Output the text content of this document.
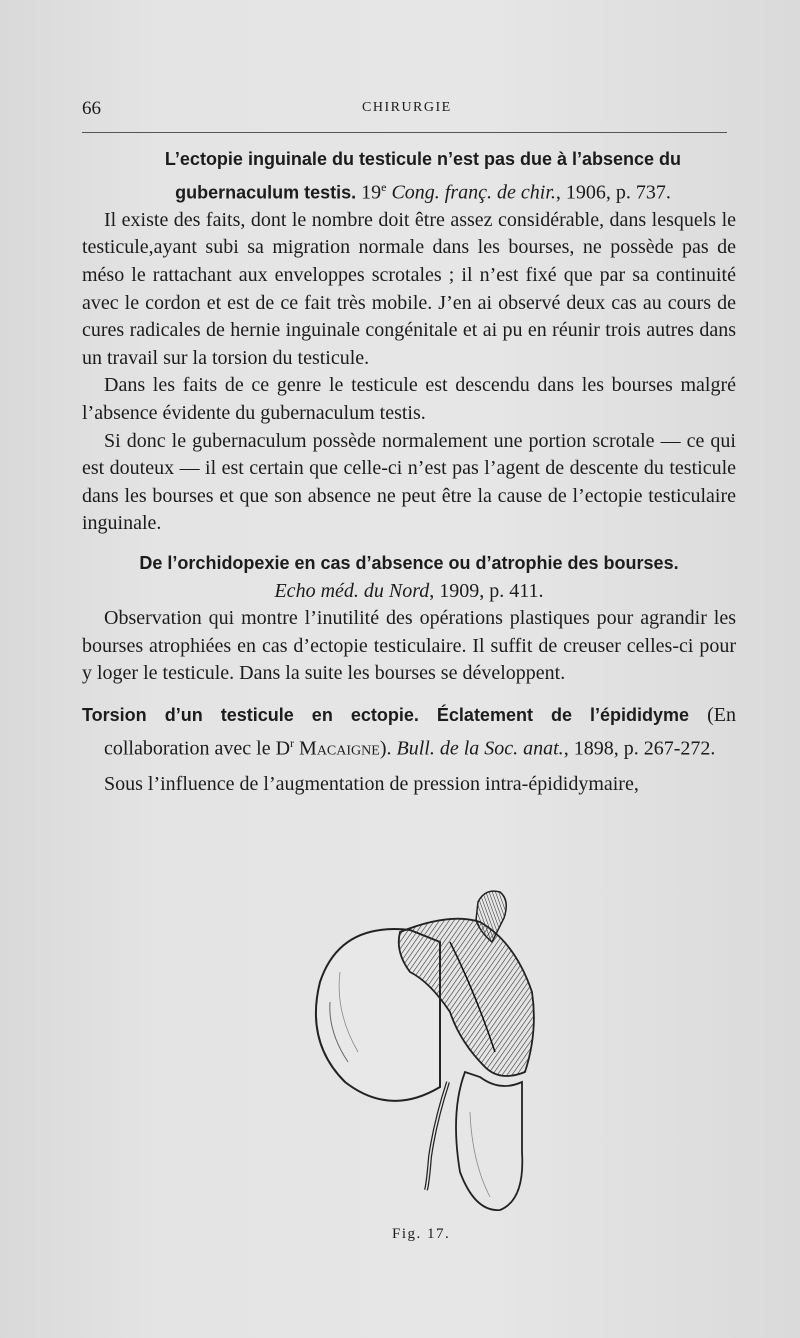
66	CHIRURGIE
L’ectopie inguinale du testicule n’est pas due à l’absence du gubernaculum testis. 19e Cong. franç. de chir., 1906, p. 737.

Il existe des faits, dont le nombre doit être assez considérable, dans lesquels le testicule,ayant subi sa migration normale dans les bourses, ne possède pas de méso le rattachant aux enveloppes scrotales ; il n’est fixé que par sa continuité avec le cordon et est de ce fait très mobile. J’en ai observé deux cas au cours de cures radicales de hernie inguinale congénitale et ai pu en réunir trois autres dans un travail sur la torsion du testicule.

Dans les faits de ce genre le testicule est descendu dans les bourses malgré l’absence évidente du gubernaculum testis.

Si donc le gubernaculum possède normalement une portion scrotale — ce qui est douteux — il est certain que celle-ci n’est pas l’agent de descente du testicule dans les bourses et que son absence ne peut être la cause de l’ectopie testiculaire inguinale.

De l’orchidopexie en cas d’absence ou d’atrophie des bourses.
Echo méd. du Nord, 1909, p. 411.

Observation qui montre l’inutilité des opérations plastiques pour agrandir les bourses atrophiées en cas d’ectopie testiculaire. Il suffit de creuser celles-ci pour y loger le testicule. Dans la suite les bourses se développent.

Torsion d’un testicule en ectopie. Éclatement de l’épididyme (En collaboration avec le $D^r$ Macaigne). Bull. de la Soc. anat., 1898, p. 267-272.

Sous l’influence de l’augmentation de pression intra-épididymaire,

Fig. 17.
